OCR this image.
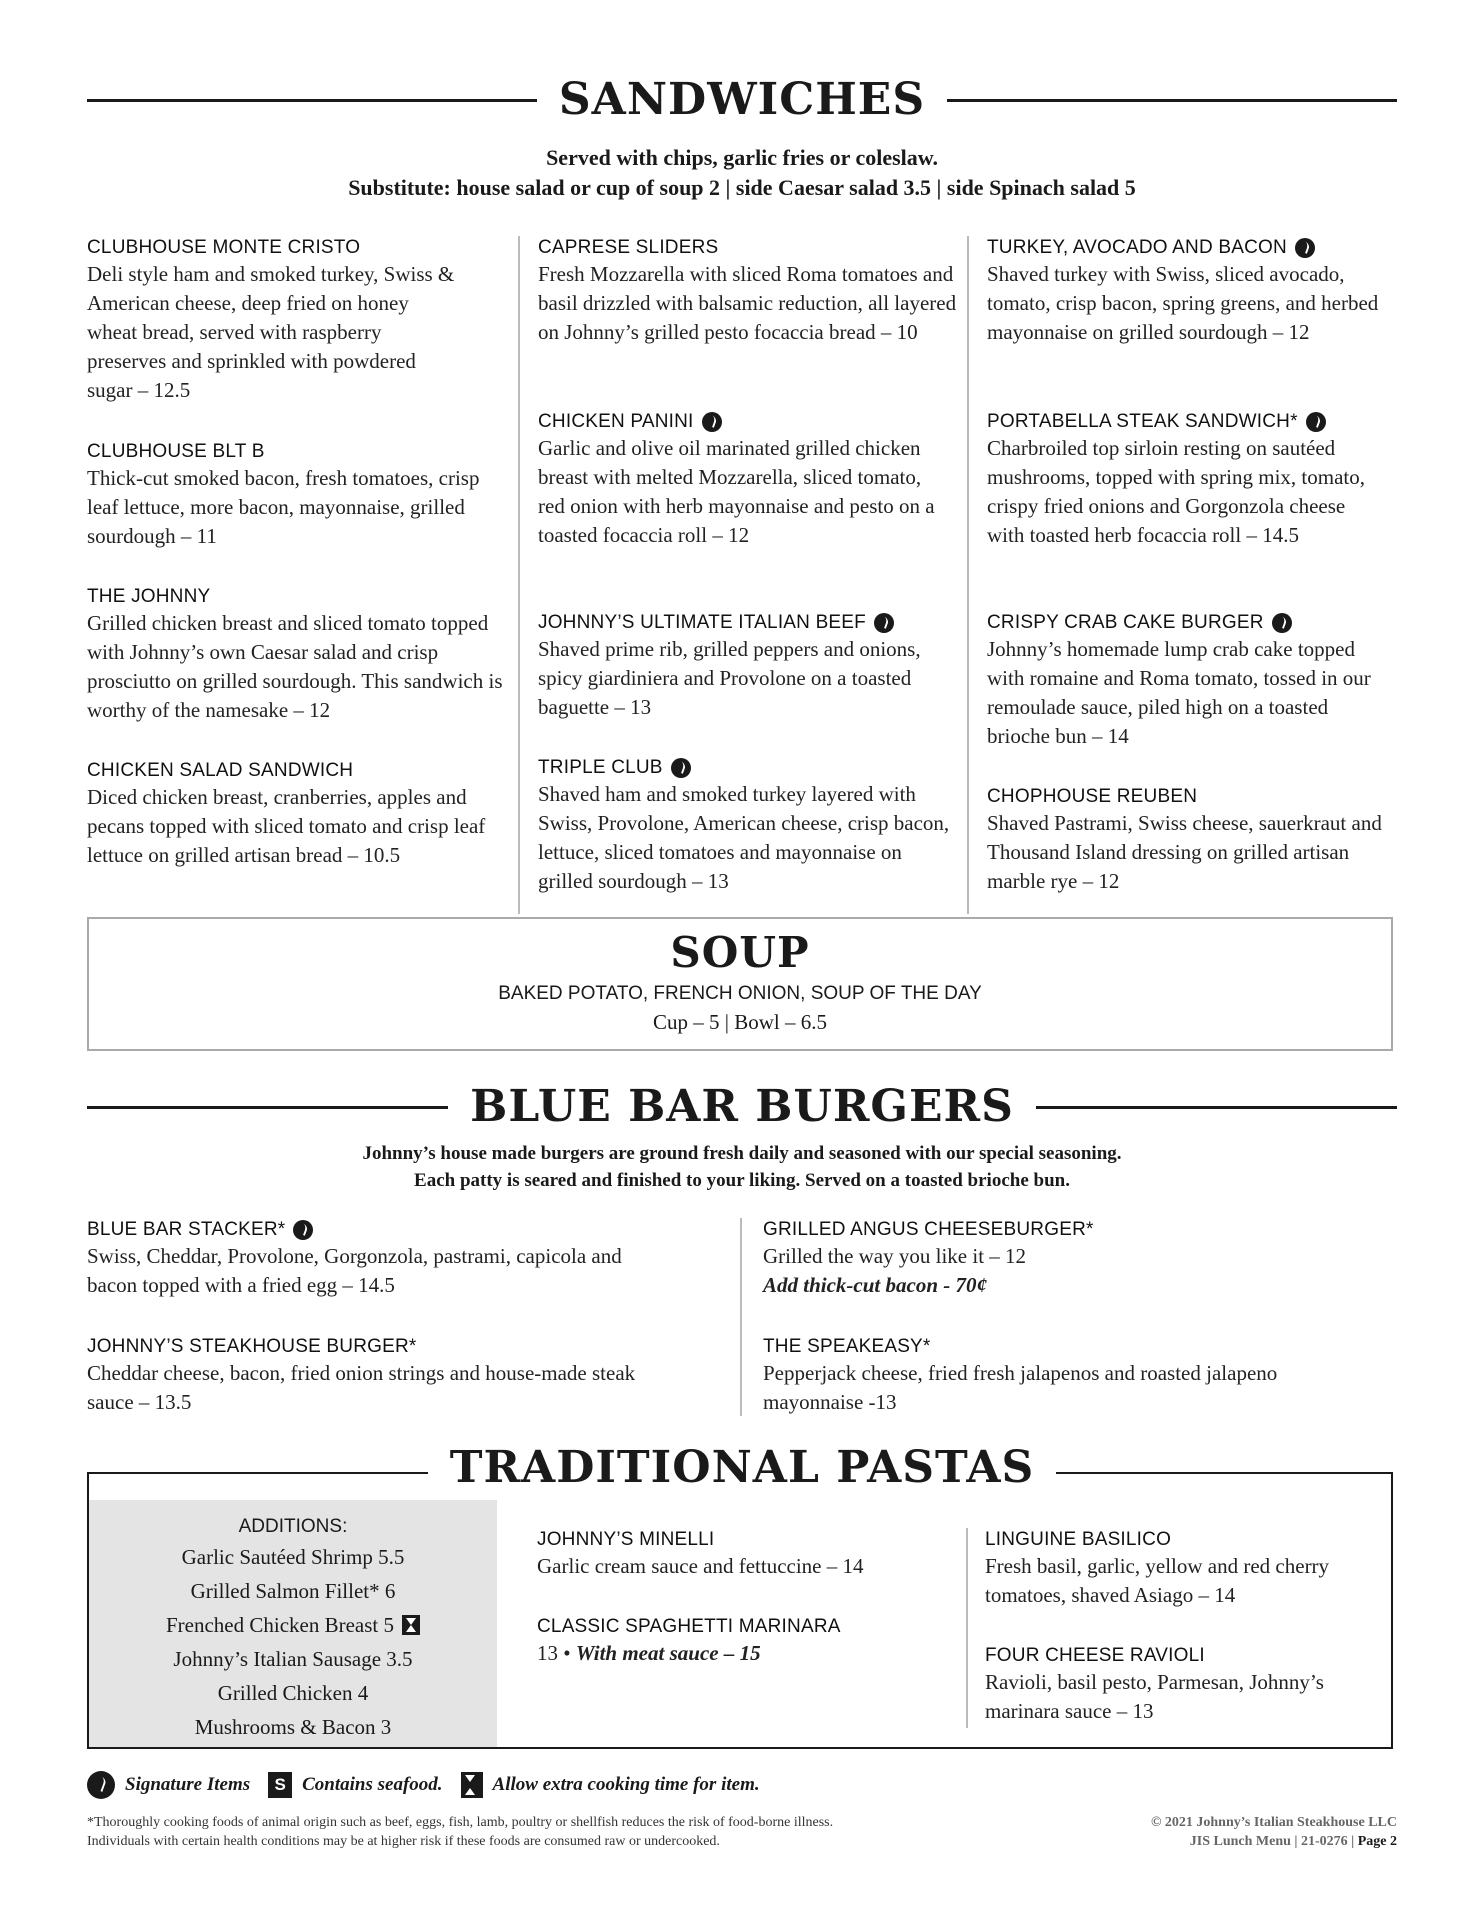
SANDWICHES
Served with chips, garlic fries or coleslaw.
Substitute: house salad or cup of soup 2 | side Caesar salad 3.5 | side Spinach salad 5
CLUBHOUSE MONTE CRISTO
Deli style ham and smoked turkey, Swiss & American cheese, deep fried on honey wheat bread, served with raspberry preserves and sprinkled with powdered sugar – 12.5
CLUBHOUSE BLT B
Thick-cut smoked bacon, fresh tomatoes, crisp leaf lettuce, more bacon, mayonnaise, grilled sourdough – 11
THE JOHNNY
Grilled chicken breast and sliced tomato topped with Johnny’s own Caesar salad and crisp prosciutto on grilled sourdough. This sandwich is worthy of the namesake – 12
CHICKEN SALAD SANDWICH
Diced chicken breast, cranberries, apples and pecans topped with sliced tomato and crisp leaf lettuce on grilled artisan bread – 10.5
CAPRESE SLIDERS
Fresh Mozzarella with sliced Roma tomatoes and basil drizzled with balsamic reduction, all layered on Johnny’s grilled pesto focaccia bread – 10
CHICKEN PANINI
Garlic and olive oil marinated grilled chicken breast with melted Mozzarella, sliced tomato, red onion with herb mayonnaise and pesto on a toasted focaccia roll – 12
JOHNNY’S ULTIMATE ITALIAN BEEF
Shaved prime rib, grilled peppers and onions, spicy giardiniera and Provolone on a toasted baguette – 13
TRIPLE CLUB
Shaved ham and smoked turkey layered with Swiss, Provolone, American cheese, crisp bacon, lettuce, sliced tomatoes and mayonnaise on grilled sourdough – 13
TURKEY, AVOCADO AND BACON
Shaved turkey with Swiss, sliced avocado, tomato, crisp bacon, spring greens, and herbed mayonnaise on grilled sourdough – 12
PORTABELLA STEAK SANDWICH*
Charbroiled top sirloin resting on sautéed mushrooms, topped with spring mix, tomato, crispy fried onions and Gorgonzola cheese with toasted herb focaccia roll – 14.5
CRISPY CRAB CAKE BURGER
Johnny’s homemade lump crab cake topped with romaine and Roma tomato, tossed in our remoulade sauce, piled high on a toasted brioche bun – 14
CHOPHOUSE REUBEN
Shaved Pastrami, Swiss cheese, sauerkraut and Thousand Island dressing on grilled artisan marble rye – 12
SOUP
BAKED POTATO, FRENCH ONION, SOUP OF THE DAY
Cup – 5 | Bowl – 6.5
BLUE BAR BURGERS
Johnny’s house made burgers are ground fresh daily and seasoned with our special seasoning.
Each patty is seared and finished to your liking. Served on a toasted brioche bun.
BLUE BAR STACKER*
Swiss, Cheddar, Provolone, Gorgonzola, pastrami, capicola and bacon topped with a fried egg – 14.5
JOHNNY’S STEAKHOUSE BURGER*
Cheddar cheese, bacon, fried onion strings and house-made steak sauce – 13.5
GRILLED ANGUS CHEESEBURGER*
Grilled the way you like it – 12
Add thick-cut bacon - 70¢
THE SPEAKEASY*
Pepperjack cheese, fried fresh jalapenos and roasted jalapeno mayonnaise -13
TRADITIONAL PASTAS
ADDITIONS:
Garlic Sautéed Shrimp 5.5
Grilled Salmon Fillet* 6
Frenched Chicken Breast 5
Johnny’s Italian Sausage 3.5
Grilled Chicken 4
Mushrooms & Bacon 3
JOHNNY’S MINELLI
Garlic cream sauce and fettuccine – 14
CLASSIC SPAGHETTI MARINARA
13 • With meat sauce – 15
LINGUINE BASILICO
Fresh basil, garlic, yellow and red cherry tomatoes, shaved Asiago – 14
FOUR CHEESE RAVIOLI
Ravioli, basil pesto, Parmesan, Johnny’s marinara sauce – 13
Signature Items	S Contains seafood.	Allow extra cooking time for item.
*Thoroughly cooking foods of animal origin such as beef, eggs, fish, lamb, poultry or shellfish reduces the risk of food-borne illness.
Individuals with certain health conditions may be at higher risk if these foods are consumed raw or undercooked.
© 2021 Johnny’s Italian Steakhouse LLC
JIS Lunch Menu | 21-0276 | Page 2
